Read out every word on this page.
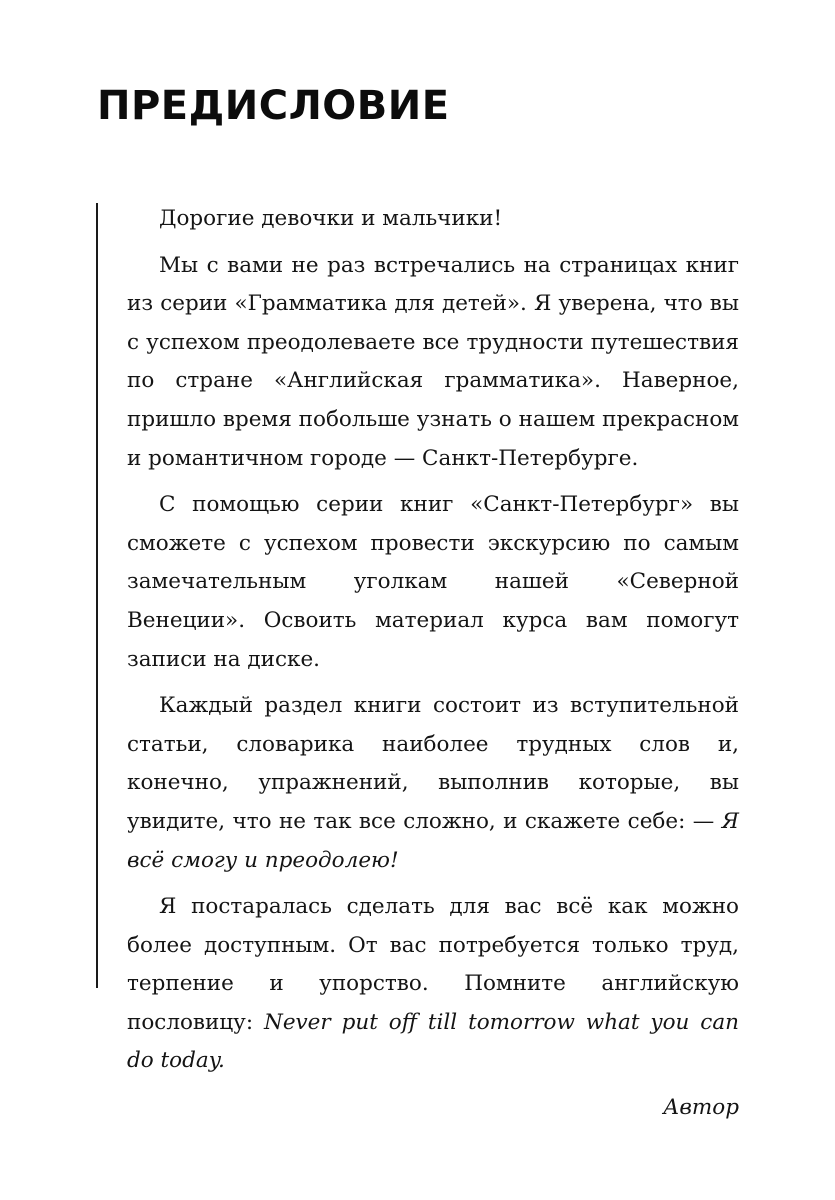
ПРЕДИСЛОВИЕ

Дорогие девочки и мальчики!

Мы с вами не раз встречались на страницах книг из серии «Грамматика для детей». Я уверена, что вы с успехом преодолеваете все трудности путешествия по стране «Английская грамматика». Наверное, пришло время побольше узнать о нашем прекрасном и романтичном городе — Санкт-Петербурге.

С помощью серии книг «Санкт-Петербург» вы сможете с успехом провести экскурсию по самым замечательным уголкам нашей «Северной Венеции». Освоить материал курса вам помогут записи на диске.

Каждый раздел книги состоит из вступительной статьи, словарика наиболее трудных слов и, конечно, упражнений, выполнив которые, вы увидите, что не так все сложно, и скажете себе: — Я всё смогу и преодолею!

Я постаралась сделать для вас всё как можно более доступным. От вас потребуется только труд, терпение и упорство. Помните английскую пословицу: Never put off till tomorrow what you can do today.

Автор
